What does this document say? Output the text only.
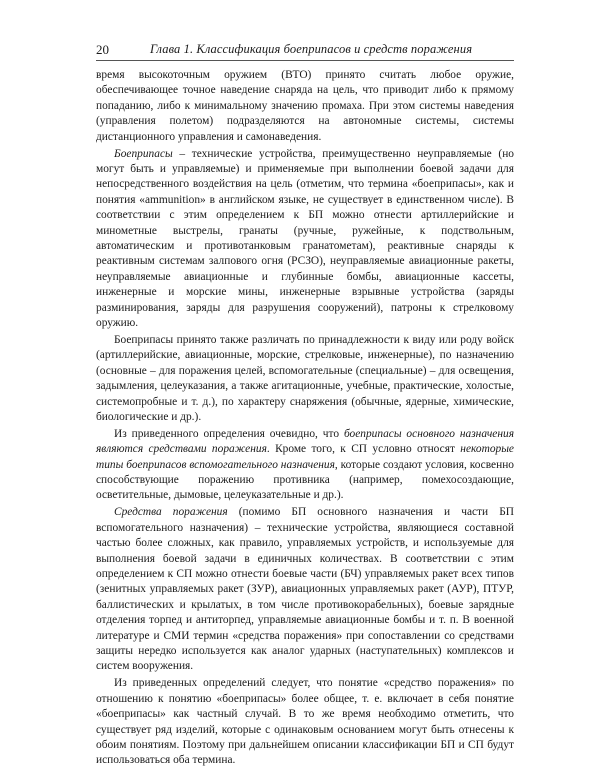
20	Глава 1. Классификация боеприпасов и средств поражения

время высокоточным оружием (ВТО) принято считать любое оружие, обеспечивающее точное наведение снаряда на цель, что приводит либо к прямому попаданию, либо к минимальному значению промаха. При этом системы наведения (управления полетом) подразделяются на автономные системы, системы дистанционного управления и самонаведения.

Боеприпасы – технические устройства, преимущественно неуправляемые (но могут быть и управляемые) и применяемые при выполнении боевой задачи для непосредственного воздействия на цель (отметим, что термина «боеприпасы», как и понятия «ammunition» в английском языке, не существует в единственном числе). В соответствии с этим определением к БП можно отнести артиллерийские и минометные выстрелы, гранаты (ручные, ружейные, к подствольным, автоматическим и противотанковым гранатометам), реактивные снаряды к реактивным системам залпового огня (РСЗО), неуправляемые авиационные ракеты, неуправляемые авиационные и глубинные бомбы, авиационные кассеты, инженерные и морские мины, инженерные взрывные устройства (заряды разминирования, заряды для разрушения сооружений), патроны к стрелковому оружию.

Боеприпасы принято также различать по принадлежности к виду или роду войск (артиллерийские, авиационные, морские, стрелковые, инженерные), по назначению (основные – для поражения целей, вспомогательные (специальные) – для освещения, задымления, целеуказания, а также агитационные, учебные, практические, холостые, системопробные и т. д.), по характеру снаряжения (обычные, ядерные, химические, биологические и др.).

Из приведенного определения очевидно, что боеприпасы основного назначения являются средствами поражения. Кроме того, к СП условно относят некоторые типы боеприпасов вспомогательного назначения, которые создают условия, косвенно способствующие поражению противника (например, помехосоздающие, осветительные, дымовые, целеуказательные и др.).

Средства поражения (помимо БП основного назначения и части БП вспомогательного назначения) – технические устройства, являющиеся составной частью более сложных, как правило, управляемых устройств, и используемые для выполнения боевой задачи в единичных количествах. В соответствии с этим определением к СП можно отнести боевые части (БЧ) управляемых ракет всех типов (зенитных управляемых ракет (ЗУР), авиационных управляемых ракет (АУР), ПТУР, баллистических и крылатых, в том числе противокорабельных), боевые зарядные отделения торпед и антиторпед, управляемые авиационные бомбы и т. п. В военной литературе и СМИ термин «средства поражения» при сопоставлении со средствами защиты нередко используется как аналог ударных (наступательных) комплексов и систем вооружения.

Из приведенных определений следует, что понятие «средство поражения» по отношению к понятию «боеприпасы» более общее, т. е. включает в себя понятие «боеприпасы» как частный случай. В то же время необходимо отметить, что существует ряд изделий, которые с одинаковым основанием могут быть отнесены к обоим понятиям. Поэтому при дальнейшем описании классификации БП и СП будут использоваться оба термина.
